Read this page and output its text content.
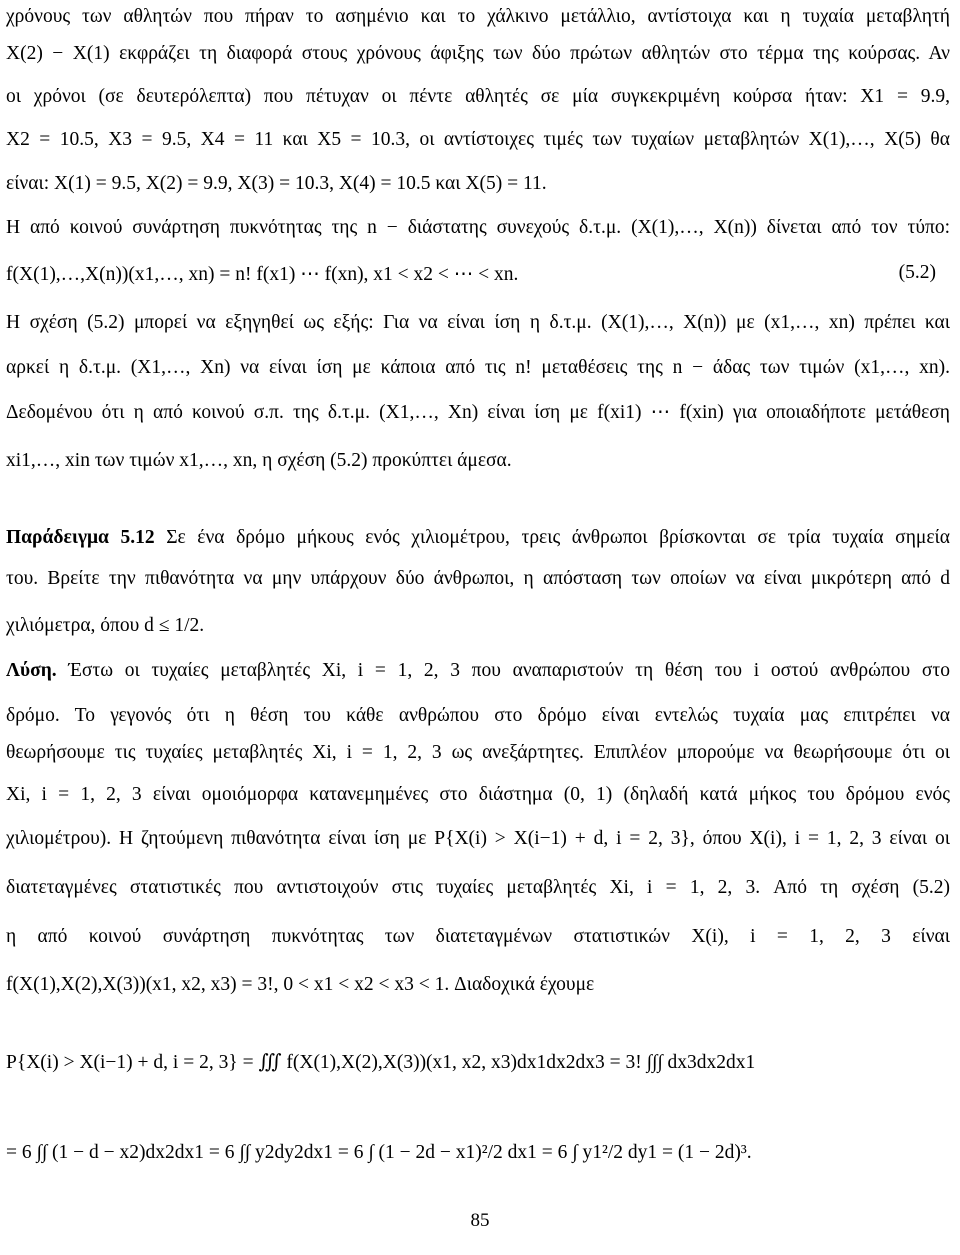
χρόνους των αθλητών που πήραν το ασημένιο και το χάλκινο μετάλλιο, αντίστοιχα και η τυχαία μεταβλητή
X(2) − X(1) εκφράζει τη διαφορά στους χρόνους άφιξης των δύο πρώτων αθλητών στο τέρμα της κούρσας. Αν
οι χρόνοι (σε δευτερόλεπτα) που πέτυχαν οι πέντε αθλητές σε μία συγκεκριμένη κούρσα ήταν: X1 = 9.9,
X2 = 10.5, X3 = 9.5, X4 = 11 και X5 = 10.3, οι αντίστοιχες τιμές των τυχαίων μεταβλητών X(1),…, X(5) θα
είναι: X(1) = 9.5, X(2) = 9.9, X(3) = 10.3, X(4) = 10.5 και X(5) = 11.
Η από κοινού συνάρτηση πυκνότητας της n − διάστατης συνεχούς δ.τ.μ. (X(1),…, X(n)) δίνεται από τον τύπο:
f(X(1),…,X(n))(x1,…, xn) = n! f(x1) ⋯ f(xn), x1 < x2 < ⋯ < xn.	(5.2)
Η σχέση (5.2) μπορεί να εξηγηθεί ως εξής: Για να είναι ίση η δ.τ.μ. (X(1),…, X(n)) με (x1,…, xn) πρέπει και
αρκεί η δ.τ.μ. (X1,…, Xn) να είναι ίση με κάποια από τις n! μεταθέσεις της n − άδας των τιμών (x1,…, xn).
Δεδομένου ότι η από κοινού σ.π. της δ.τ.μ. (X1,…, Xn) είναι ίση με f(xi1) ⋯ f(xin) για οποιαδήποτε μετάθεση
xi1,…, xin των τιμών x1,…, xn, η σχέση (5.2) προκύπτει άμεσα.
Παράδειγμα 5.12 Σε ένα δρόμο μήκους ενός χιλιομέτρου, τρεις άνθρωποι βρίσκονται σε τρία τυχαία σημεία
του. Βρείτε την πιθανότητα να μην υπάρχουν δύο άνθρωποι, η απόσταση των οποίων να είναι μικρότερη από d
χιλιόμετρα, όπου d ≤ 1/2.
Λύση. Έστω οι τυχαίες μεταβλητές Xi, i = 1, 2, 3 που αναπαριστούν τη θέση του i οστού ανθρώπου στο
δρόμο. Το γεγονός ότι η θέση του κάθε ανθρώπου στο δρόμο είναι εντελώς τυχαία μας επιτρέπει να
θεωρήσουμε τις τυχαίες μεταβλητές Xi, i = 1, 2, 3 ως ανεξάρτητες. Επιπλέον μπορούμε να θεωρήσουμε ότι οι
Xi, i = 1, 2, 3 είναι ομοιόμορφα κατανεμημένες στο διάστημα (0, 1) (δηλαδή κατά μήκος του δρόμου ενός
χιλιομέτρου). Η ζητούμενη πιθανότητα είναι ίση με P{X(i) > X(i−1) + d, i = 2, 3}, όπου X(i), i = 1, 2, 3 είναι οι
διατεταγμένες στατιστικές που αντιστοιχούν στις τυχαίες μεταβλητές Xi, i = 1, 2, 3. Από τη σχέση (5.2)
η από κοινού συνάρτηση πυκνότητας των διατεταγμένων στατιστικών X(i), i = 1, 2, 3 είναι
f(X(1),X(2),X(3))(x1, x2, x3) = 3!, 0 < x1 < x2 < x3 < 1. Διαδοχικά έχουμε
P{X(i) > X(i−1) + d, i = 2, 3} = ∭ f(X(1),X(2),X(3))(x1, x2, x3)dx1dx2dx3 = 3! ∫∫∫ dx3dx2dx1
= 6 ∫∫ (1 − d − x2)dx2dx1 = 6 ∫∫ y2dy2dx1 = 6 ∫ (1 − 2d − x1)²/2 dx1 = 6 ∫ y1²/2 dy1 = (1 − 2d)³.
85
